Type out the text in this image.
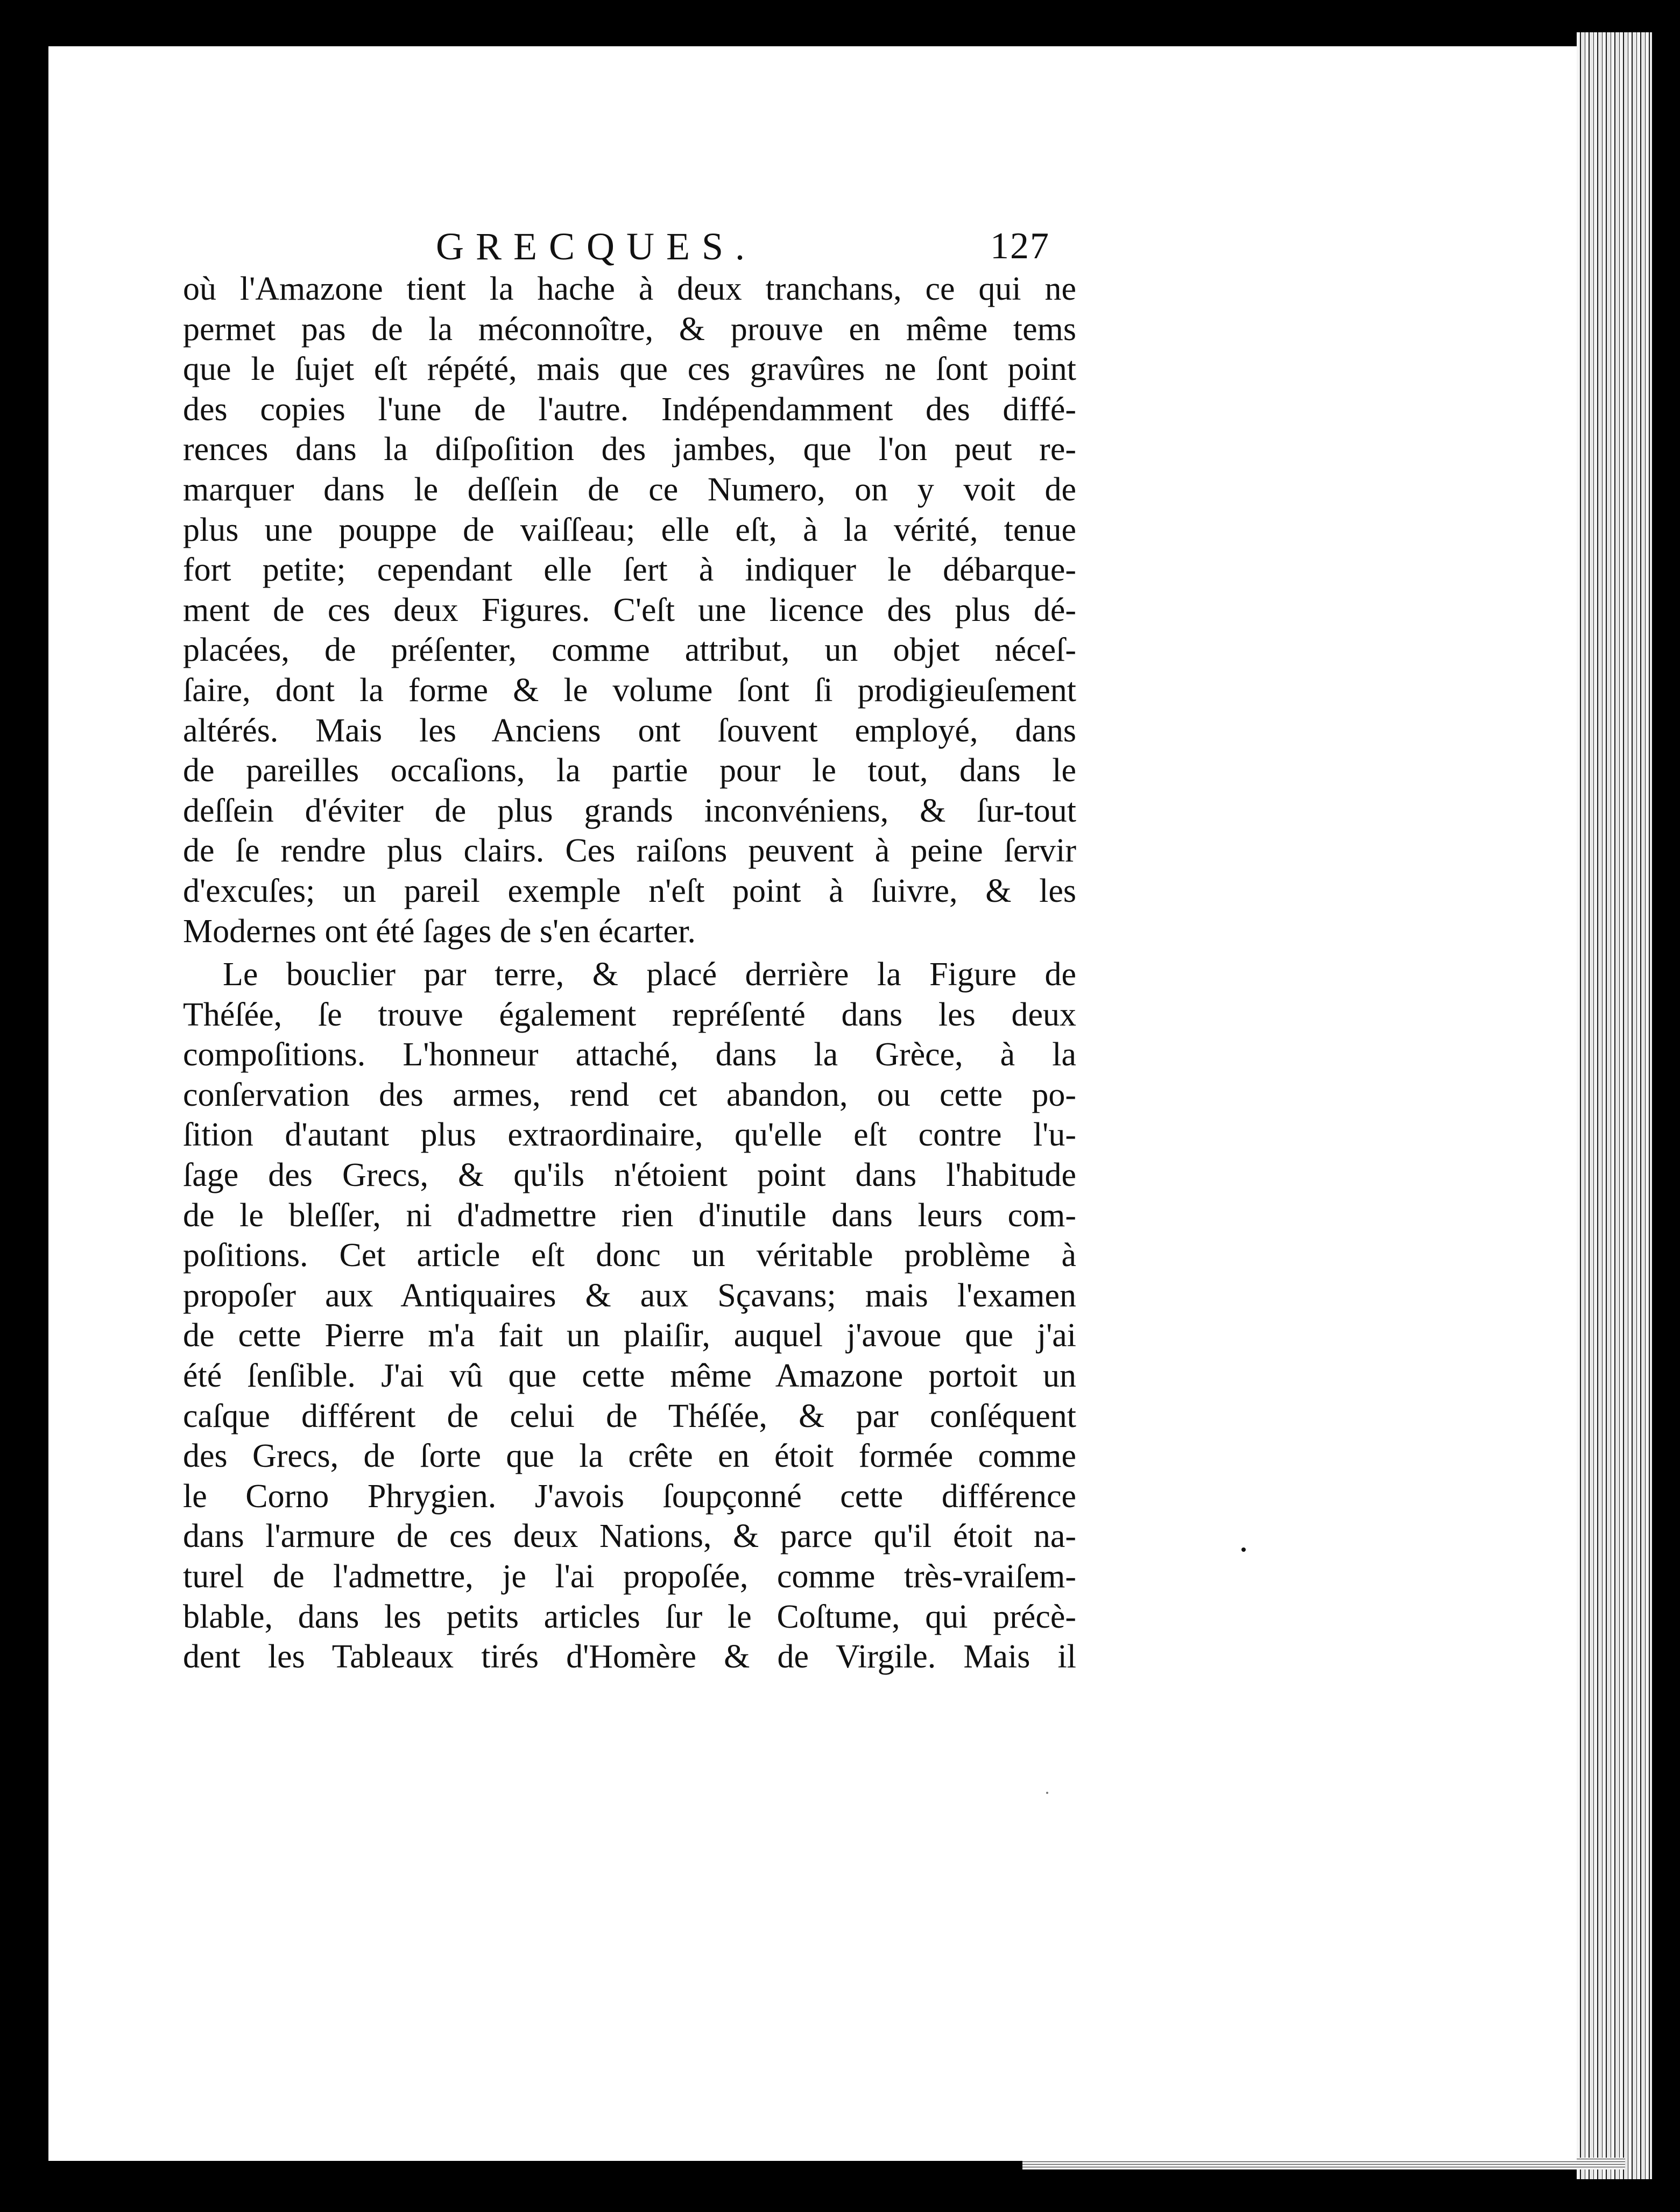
GRECQUES.	127
où l'Amazone tient la hache à deux tranchans, ce qui ne
permet pas de la méconnoître, & prouve en même tems
que le ſujet eſt répété, mais que ces gravûres ne ſont point
des copies l'une de l'autre. Indépendamment des diffé-
rences dans la diſpoſition des jambes, que l'on peut re-
marquer dans le deſſein de ce Numero, on y voit de
plus une pouppe de vaiſſeau; elle eſt, à la vérité, tenue
fort petite; cependant elle ſert à indiquer le débarque-
ment de ces deux Figures. C'eſt une licence des plus dé-
placées, de préſenter, comme attribut, un objet néceſ-
ſaire, dont la forme & le volume ſont ſi prodigieuſement
altérés. Mais les Anciens ont ſouvent employé, dans
de pareilles occaſions, la partie pour le tout, dans le
deſſein d'éviter de plus grands inconvéniens, & ſur-tout
de ſe rendre plus clairs. Ces raiſons peuvent à peine ſervir
d'excuſes; un pareil exemple n'eſt point à ſuivre, & les
Modernes ont été ſages de s'en écarter.
Le bouclier par terre, & placé derrière la Figure de
Théſée, ſe trouve également repréſenté dans les deux
compoſitions. L'honneur attaché, dans la Grèce, à la
conſervation des armes, rend cet abandon, ou cette po-
ſition d'autant plus extraordinaire, qu'elle eſt contre l'u-
ſage des Grecs, & qu'ils n'étoient point dans l'habitude
de le bleſſer, ni d'admettre rien d'inutile dans leurs com-
poſitions. Cet article eſt donc un véritable problème à
propoſer aux Antiquaires & aux Sçavans; mais l'examen
de cette Pierre m'a fait un plaiſir, auquel j'avoue que j'ai
été ſenſible. J'ai vû que cette même Amazone portoit un
caſque différent de celui de Théſée, & par conſéquent
des Grecs, de ſorte que la crête en étoit formée comme
le Corno Phrygien. J'avois ſoupçonné cette différence
dans l'armure de ces deux Nations, & parce qu'il étoit na-
turel de l'admettre, je l'ai propoſée, comme très-vraiſem-
blable, dans les petits articles ſur le Coſtume, qui précè-
dent les Tableaux tirés d'Homère & de Virgile. Mais il
